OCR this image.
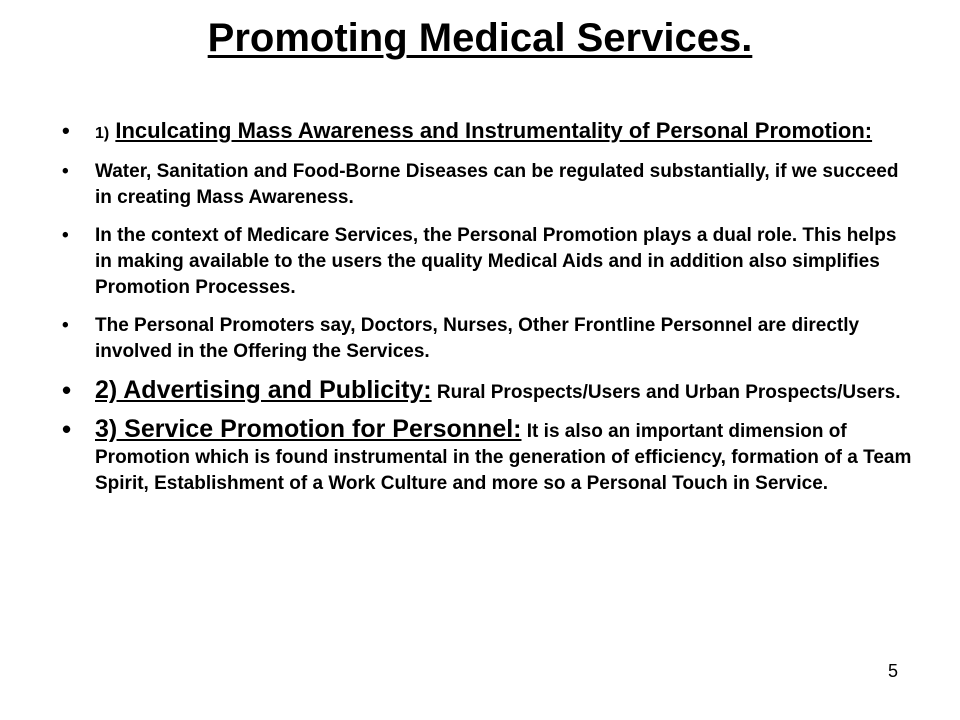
Promoting Medical Services.
• 1) Inculcating Mass Awareness and Instrumentality of Personal Promotion:
• Water, Sanitation and Food-Borne Diseases can be regulated substantially, if we succeed in creating Mass Awareness.
• In the context of Medicare Services, the Personal Promotion plays a dual role. This helps in making available to the users the quality Medical Aids and in addition also simplifies Promotion Processes.
• The Personal Promoters say, Doctors, Nurses, Other Frontline Personnel are directly involved in the Offering the Services.
• 2) Advertising and Publicity: Rural Prospects/Users and Urban Prospects/Users.
• 3) Service Promotion for Personnel: It is also an important dimension of Promotion which is found instrumental in the generation of efficiency, formation of a Team Spirit, Establishment of a Work Culture and more so a Personal Touch in Service.
5
